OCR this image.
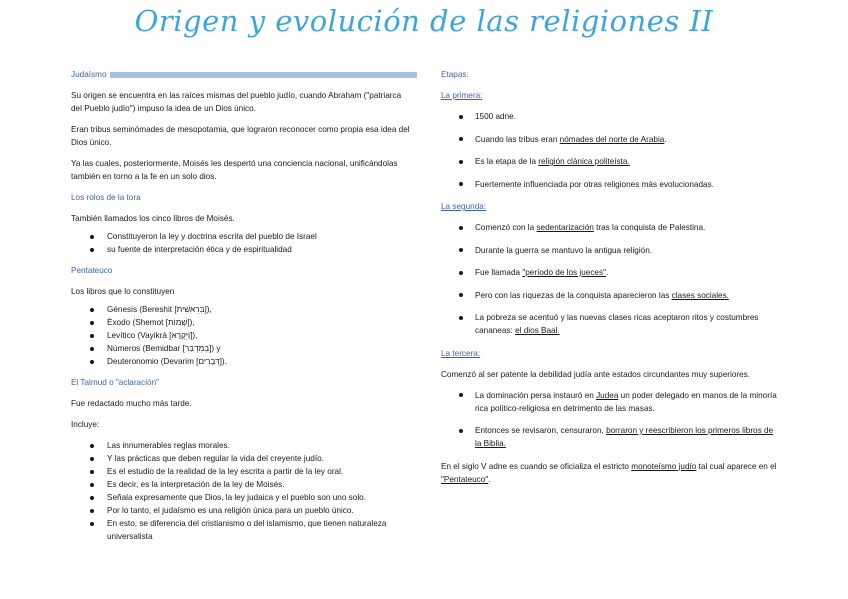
Origen y evolución de las religiones II

Judaísmo

Su origen se encuentra en las raíces mismas del pueblo judío, cuando Abraham ("patriarca del Pueblo judío") impuso la idea de un Dios único.

Eran tribus seminómades de mesopotamia, que lograron reconocer como propia esa idea del Dios único.

Ya las cuales, posteriormente, Moisés les despertó una conciencia nacional, unificándolas también en torno a la fe en un solo dios.

Los rolos de la tora

También llamados los cinco libros de Moisés.

Constituyeron la ley y doctrina escrita del pueblo de Israel
su fuente de interpretación ética y de espiritualidad

Pentateuco

Los libros que lo constituyen

Génesis (Bereshit [בְּרֵאשִׁית]),
Éxodo (Shemot [שְׁמוֹת]),
Levítico (Vayikrá [וַיִּקְרָא]),
Números (Bemidbar [בְּמִדְבַּר]) y
Deuteronomio (Devarim [דְּבָרִים]).

El Talmud o "aclaración"

Fue redactado mucho más tarde.

Incluye:

Las innumerables reglas morales.
Y las prácticas que deben regular la vida del creyente judío.
Es el estudio de la realidad de la ley escrita a partir de la ley oral.
Es decir, es la interpretación de la ley de Moisés.
Señala expresamente que Dios, la ley judaica y el pueblo son uno solo.
Por lo tanto, el judaísmo es una religión única para un pueblo único.
En esto, se diferencia del cristianismo o del islamismo, que tienen naturaleza universalista

Etapas:

La primera:

1500 adne.
Cuando las tribus eran nómades del norte de Arabia.
Es la etapa de la religión clánica politeísta.
Fuertemente influenciada por otras religiones más evolucionadas.

La segunda:

Comenzó con la sedentarización tras la conquista de Palestina.
Durante la guerra se mantuvo la antigua religión.
Fue llamada "período de los jueces".
Pero con las riquezas de la conquista aparecieron las clases sociales.
La pobreza se acentuó y las nuevas clases ricas aceptaron ritos y costumbres cananeas: el dios Baal.

La tercera:

Comenzó al ser patente la debilidad judía ante estados circundantes muy superiores.

La dominación persa instauró en Judea un poder delegado en manos de la minoría rica político-religiosa en detrimento de las masas.
Entonces se revisaron, censuraron, borraron y reescribieron los primeros libros de la Biblia.

En el siglo V adne es cuando se oficializa el estricto monoteísmo judío tal cual aparece en el "Pentateuco".
